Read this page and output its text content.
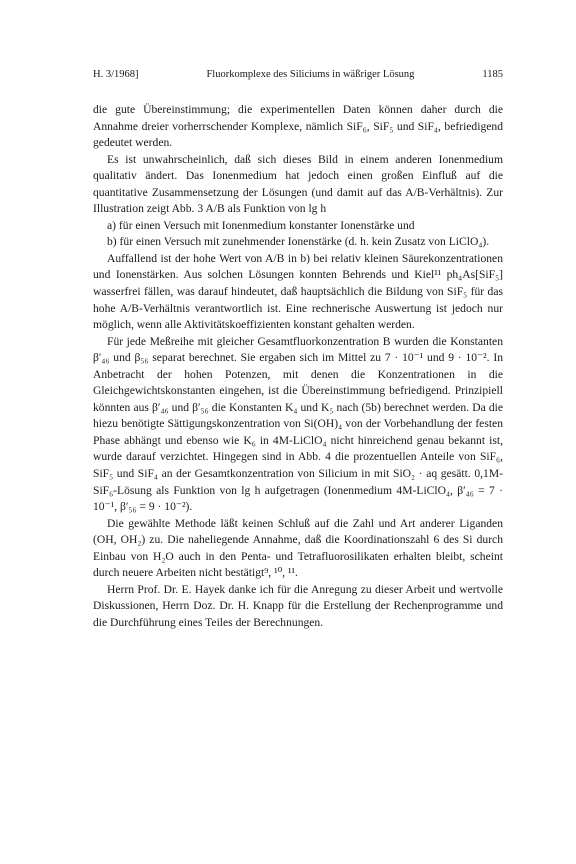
H. 3/1968]	Fluorkomplexe des Siliciums in wäßriger Lösung	1185

die gute Übereinstimmung; die experimentellen Daten können daher durch die Annahme dreier vorherrschender Komplexe, nämlich SiF₆, SiF₅ und SiF₄, befriedigend gedeutet werden.

Es ist unwahrscheinlich, daß sich dieses Bild in einem anderen Ionenmedium qualitativ ändert. Das Ionenmedium hat jedoch einen großen Einfluß auf die quantitative Zusammensetzung der Lösungen (und damit auf das A/B-Verhältnis). Zur Illustration zeigt Abb. 3 A/B als Funktion von lg h

a) für einen Versuch mit Ionenmedium konstanter Ionenstärke und

b) für einen Versuch mit zunehmender Ionenstärke (d. h. kein Zusatz von LiClO₄).

Auffallend ist der hohe Wert von A/B in b) bei relativ kleinen Säurekonzentrationen und Ionenstärken. Aus solchen Lösungen konnten Behrends und Kiel¹¹ ph₄As[SiF₅] wasserfrei fällen, was darauf hindeutet, daß hauptsächlich die Bildung von SiF₅ für das hohe A/B-Verhältnis verantwortlich ist. Eine rechnerische Auswertung ist jedoch nur möglich, wenn alle Aktivitätskoeffizienten konstant gehalten werden.

Für jede Meßreihe mit gleicher Gesamtfluorkonzentration B wurden die Konstanten β′₄₆ und β₅₆ separat berechnet. Sie ergaben sich im Mittel zu 7 · 10⁻¹ und 9 · 10⁻². In Anbetracht der hohen Potenzen, mit denen die Konzentrationen in die Gleichgewichtskonstanten eingehen, ist die Übereinstimmung befriedigend. Prinzipiell könnten aus β′₄₆ und β′₅₆ die Konstanten K₄ und K₅ nach (5b) berechnet werden. Da die hiezu benötigte Sättigungskonzentration von Si(OH)₄ von der Vorbehandlung der festen Phase abhängt und ebenso wie K₆ in 4M-LiClO₄ nicht hinreichend genau bekannt ist, wurde darauf verzichtet. Hingegen sind in Abb. 4 die prozentuellen Anteile von SiF₆, SiF₅ und SiF₄ an der Gesamtkonzentration von Silicium in mit SiO₂ · aq gesätt. 0,1M-SiF₆-Lösung als Funktion von lg h aufgetragen (Ionenmedium 4M-LiClO₄, β′₄₆ = 7 · 10⁻¹, β′₅₆ = 9 · 10⁻²).

Die gewählte Methode läßt keinen Schluß auf die Zahl und Art anderer Liganden (OH, OH₂) zu. Die naheliegende Annahme, daß die Koordinationszahl 6 des Si durch Einbau von H₂O auch in den Penta- und Tetrafluorosilikaten erhalten bleibt, scheint durch neuere Arbeiten nicht bestätigt⁹, ¹⁰, ¹¹.

Herrn Prof. Dr. E. Hayek danke ich für die Anregung zu dieser Arbeit und wertvolle Diskussionen, Herrn Doz. Dr. H. Knapp für die Erstellung der Rechenprogramme und die Durchführung eines Teiles der Berechnungen.
